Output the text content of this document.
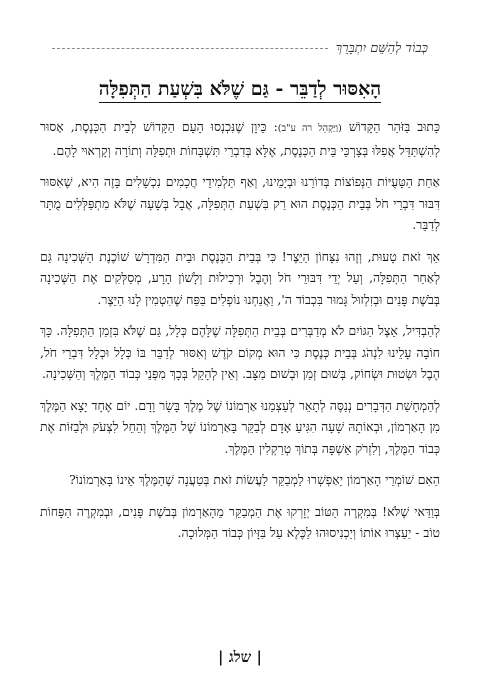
כְּבוֹד לְהַשֵּׁם יִתְבָּרֵךְ
הָאִסּוּר לְדַבֵּר - גַּם שֶׁלֹּא בִּשְׁעַת הַתְּפִלָּה

כָּתוּב בַּזֹּהַר הַקָּדוֹשׁ (וַיַּקְהֵל רה ע"ב): כֵּיוָן שֶׁנִּכְנְסוּ הָעָם הַקָּדוֹשׁ לְבֵית הַכְּנֶסֶת, אָסוּר לְהִשְׁתַּדֵּל אֲפִלּוּ בְּצָרְכֵּי בֵּית הַכְּנֶסֶת, אֶלָּא בְּדִבְרֵי תִּשְׁבָּחוֹת וּתְפִלָּה וְתוֹרָה וְקָרְאוּי לָהֶם.

אַחַת הַטָּעֻיּוֹת הַנְּפוֹצוֹת בְּדוֹרֵנוּ וּבְיָמֵינוּ, וְאַף תַּלְמִידֵי חֲכָמִים נִכְשָׁלִים בָּזֶה הִיא, שֶׁאִסּוּר דִּבּוּר דִּבְרֵי חֹל בְּבֵית הַכְּנֶסֶת הוּא רַק בִּשְׁעַת הַתְּפִלָּה, אֲבָל בְּשָׁעָה שֶׁלֹּא מִתְפַּלְּלִים מֻתָּר לְדַבֵּר.

אַךְ זֹאת טָעוּת, וְזֶהוּ נִצָּחוֹן הַיֵּצֶר! כִּי בְּבֵית הַכְּנֶסֶת וּבֵית הַמִּדְרָשׁ שׁוֹכֶנֶת הַשְּׁכִינָה גַּם לְאַחַר הַתְּפִלָּה, וְעַל יְדֵי דִּבּוּרֵי חֹל וְהֶבֶל וּרְכִילוּת וְלָשׁוֹן הָרָע, מְסַלְּקִים אֶת הַשְּׁכִינָה בְּבֹשֶׁת פָּנִים וּבְזִלְזוּל גָּמוּר בִּכְבוֹד ה', וַאֲנַחְנוּ נוֹפְלִים בַּפַּח שֶׁהִטְמִין לָנוּ הַיֵּצֶר.

לְהַבְדִּיל, אֵצֶל הַגּוֹיִם לֹא מְדַבְּרִים בְּבֵית הַתְּפִלָּה שֶׁלָּהֶם כְּלָל, גַּם שֶׁלֹּא בִּזְמַן הַתְּפִלָּה. כָּךְ חוֹבָה עָלֵינוּ לִנְהֹג בְּבֵית כְּנֶסֶת כִּי הוּא מְקוֹם קֹדֶשׁ וְאִסּוּר לְדַבֵּר בּוֹ כְּלָל וּכְלָל דִּבְרֵי חֹל, הֶבֶל וּשְׂטוּת וּשְׂחוֹק, בְּשׁוּם זְמַן וּבְשׁוּם מַצָּב. וְאֵין לְהָקֵל בְּכָךְ מִפְּנֵי כְּבוֹד הַמֶּלֶךְ וְהַשְּׁכִינָה.

לְהַמְחָשַׁת הַדְּבָרִים נְנַסֶּה לְתָאֵר לְעַצְמֵנוּ אַרְמוֹנוֹ שֶׁל מֶלֶךְ בָּשָׂר וָדָם. יוֹם אֶחָד יָצָא הַמֶּלֶךְ מִן הָאַרְמוֹן, וּבְאוֹתָהּ שָׁעָה הִגִּיעַ אָדָם לְבַקֵּר בָּאַרְמוֹנוֹ שֶׁל הַמֶּלֶךְ וְהֵחֵל לִצְעֹק וּלְבַזּוֹת אֶת כְּבוֹד הַמֶּלֶךְ, וְלִזְרֹק אַשְׁפָּה בְּתוֹךְ טְרַקְלִין הַמֶּלֶךְ.

הַאִם שׁוֹמְרֵי הָאַרְמוֹן יַאַפְשְׁרוּ לַמְבַקֵּר לַעֲשׂוֹת זֹאת בְּטַעֲנָה שֶׁהַמֶּלֶךְ אֵינוֹ בָּאַרְמוֹנוֹ?

בְּוַדַּאי שֶׁלֹּא! בְּמִקְרֶה הַטּוֹב יְזָרְקוּ אֶת הַמְבַקֵּר מֵהָאַרְמוֹן בְּבֹשֶׁת פָּנִים, וּבְמִקְרֶה הַפָּחוֹת טוֹב - יַעַצְרוּ אוֹתוֹ וְיַכְנִיסוּהוּ לַכֶּלֶא עַל בִּזָּיוֹן כְּבוֹד הַמְּלוּכָה.

| שלג |
